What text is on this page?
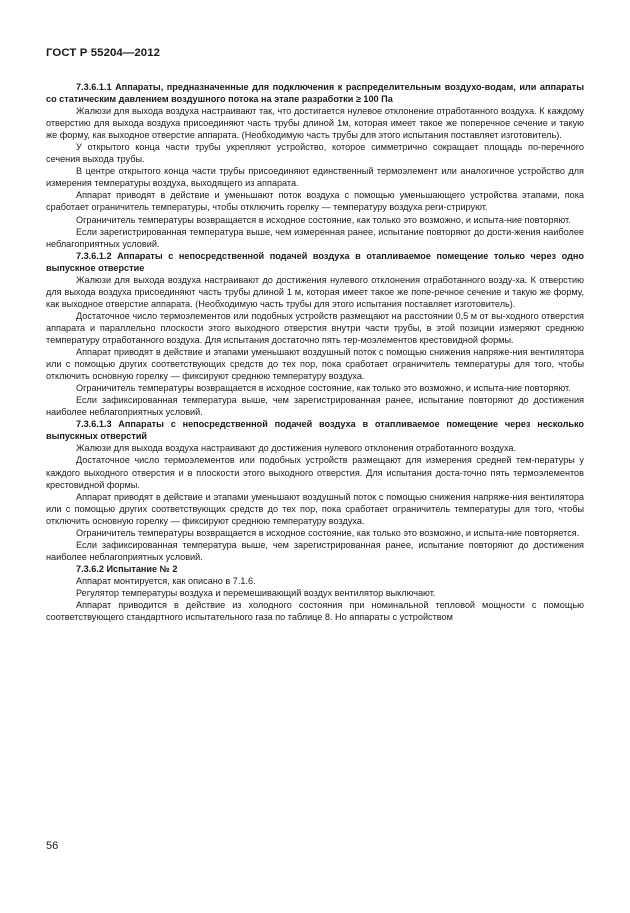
ГОСТ Р 55204—2012

7.3.6.1.1 Аппараты, предназначенные для подключения к распределительным воздухо-водам, или аппараты со статическим давлением воздушного потока на этапе разработки ≥ 100 Па

Жалюзи для выхода воздуха настраивают так, что достигается нулевое отклонение отработанного воздуха. К каждому отверстию для выхода воздуха присоединяют часть трубы длиной 1м, которая имеет такое же поперечное сечение и такую же форму, как выходное отверстие аппарата. (Необходимую часть трубы для этого испытания поставляет изготовитель).

У открытого конца части трубы укрепляют устройство, которое симметрично сокращает площадь по-перечного сечения выхода трубы.

В центре открытого конца части трубы присоединяют единственный термоэлемент или аналогичное устройство для измерения температуры воздуха, выходящего из аппарата.

Аппарат приводят в действие и уменьшают поток воздуха с помощью уменьшающего устройства этапами, пока сработает ограничитель температуры, чтобы отключить горелку — температуру воздуха реги-стрируют.

Ограничитель температуры возвращается в исходное состояние, как только это возможно, и испыта-ние повторяют.

Если зарегистрированная температура выше, чем измеренная ранее, испытание повторяют до дости-жения наиболее неблагоприятных условий.

7.3.6.1.2 Аппараты с непосредственной подачей воздуха в отапливаемое помещение только через одно выпускное отверстие

Жалюзи для выхода воздуха настраивают до достижения нулевого отклонения отработанного возду-ха. К отверстию для выхода воздуха присоединяют часть трубы длиной 1 м, которая имеет такое же попе-речное сечение и такую же форму, как выходное отверстие аппарата. (Необходимую часть трубы для этого испытания поставляет изготовитель).

Достаточное число термоэлементов или подобных устройств размещают на расстоянии 0,5 м от вы-ходного отверстия аппарата и параллельно плоскости этого выходного отверстия внутри части трубы, в этой позиции измеряют среднюю температуру отработанного воздуха. Для испытания достаточно пять тер-моэлементов крестовидной формы.

Аппарат приводят в действие и этапами уменьшают воздушный поток с помощью снижения напряже-ния вентилятора или с помощью других соответствующих средств до тех пор, пока сработает ограничитель температуры для того, чтобы отключить основную горелку — фиксируют среднюю температуру воздуха.

Ограничитель температуры возвращается в исходное состояние, как только это возможно, и испыта-ние повторяют.

Если зафиксированная температура выше, чем зарегистрированная ранее, испытание повторяют до достижения наиболее неблагоприятных условий.

7.3.6.1.3 Аппараты с непосредственной подачей воздуха в отапливаемое помещение через несколько выпускных отверстий

Жалюзи для выхода воздуха настраивают до достижения нулевого отклонения отработанного воздуха.

Достаточное число термоэлементов или подобных устройств размещают для измерения средней тем-пературы у каждого выходного отверстия и в плоскости этого выходного отверстия. Для испытания доста-точно пять термоэлементов крестовидной формы.

Аппарат приводят в действие и этапами уменьшают воздушный поток с помощью снижения напряже-ния вентилятора или с помощью других соответствующих средств до тех пор, пока сработает ограничитель температуры для того, чтобы отключить основную горелку — фиксируют среднюю температуру воздуха.

Ограничитель температуры возвращается в исходное состояние, как только это возможно, и испыта-ние повторяется.

Если зафиксированная температура выше, чем зарегистрированная ранее, испытание повторяют до достижения наиболее неблагоприятных условий.

7.3.6.2 Испытание № 2

Аппарат монтируется, как описано в 7.1.6.

Регулятор температуры воздуха и перемешивающий воздух вентилятор выключают.

Аппарат приводится в действие из холодного состояния при номинальной тепловой мощности с помощью соответствующего стандартного испытательного газа по таблице 8. Но аппараты с устройством

56
